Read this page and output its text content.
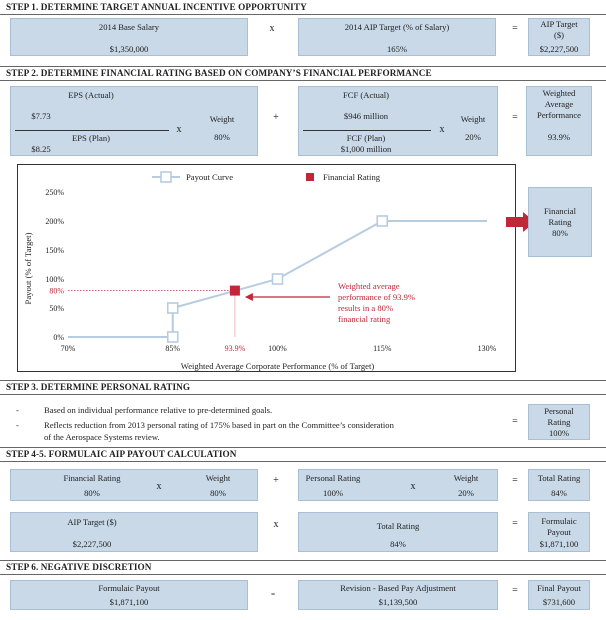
STEP 1. DETERMINE TARGET ANNUAL INCENTIVE OPPORTUNITY
2014 Base Salary
$1,350,000
x	2014 AIP Target (% of Salary)
165%
=	AIP Target
($)
$2,227,500
STEP 2. DETERMINE FINANCIAL RATING BASED ON COMPANY’S FINANCIAL PERFORMANCE
EPS (Actual)
$7.73
EPS (Plan)
$8.25
x
Weight
80%
+
FCF (Actual)
$946 million
FCF (Plan)
$1,000 million
x
Weight
20%
=
Weighted
Average
Performance
93.9%
0%
50%
100%
150%
200%
250%
70%	85%	100%	115%	130%
Weighted Average Corporate Performance (% of Target)
Payout (% of Target) 80%
93.9%
Weighted average
performance of 93.9%
results in a 80%
financial rating
Payout Curve	Financial Rating
Financial
Rating
80%
STEP 3. DETERMINE PERSONAL RATING
-	Based on individual performance relative to pre-determined goals.
-	Reflects reduction from 2013 personal rating of 175% based in part on the Committee’s consideration
of the Aerospace Systems review.
=
Personal
Rating
100%
STEP 4-5. FORMULAIC AIP PAYOUT CALCULATION
Financial Rating
80%
x
Weight
80%
+	Personal Rating
100%
x
Weight
20%
=	Total Rating
84%
AIP Target ($)
$2,227,500
x	Total Rating
84%
=	Formulaic
Payout
$1,871,100
STEP 6. NEGATIVE DISCRETION
Formulaic Payout
$1,871,100
-	Revision - Based Pay Adjustment
$1,139,500
=	Final Payout
$731,600
